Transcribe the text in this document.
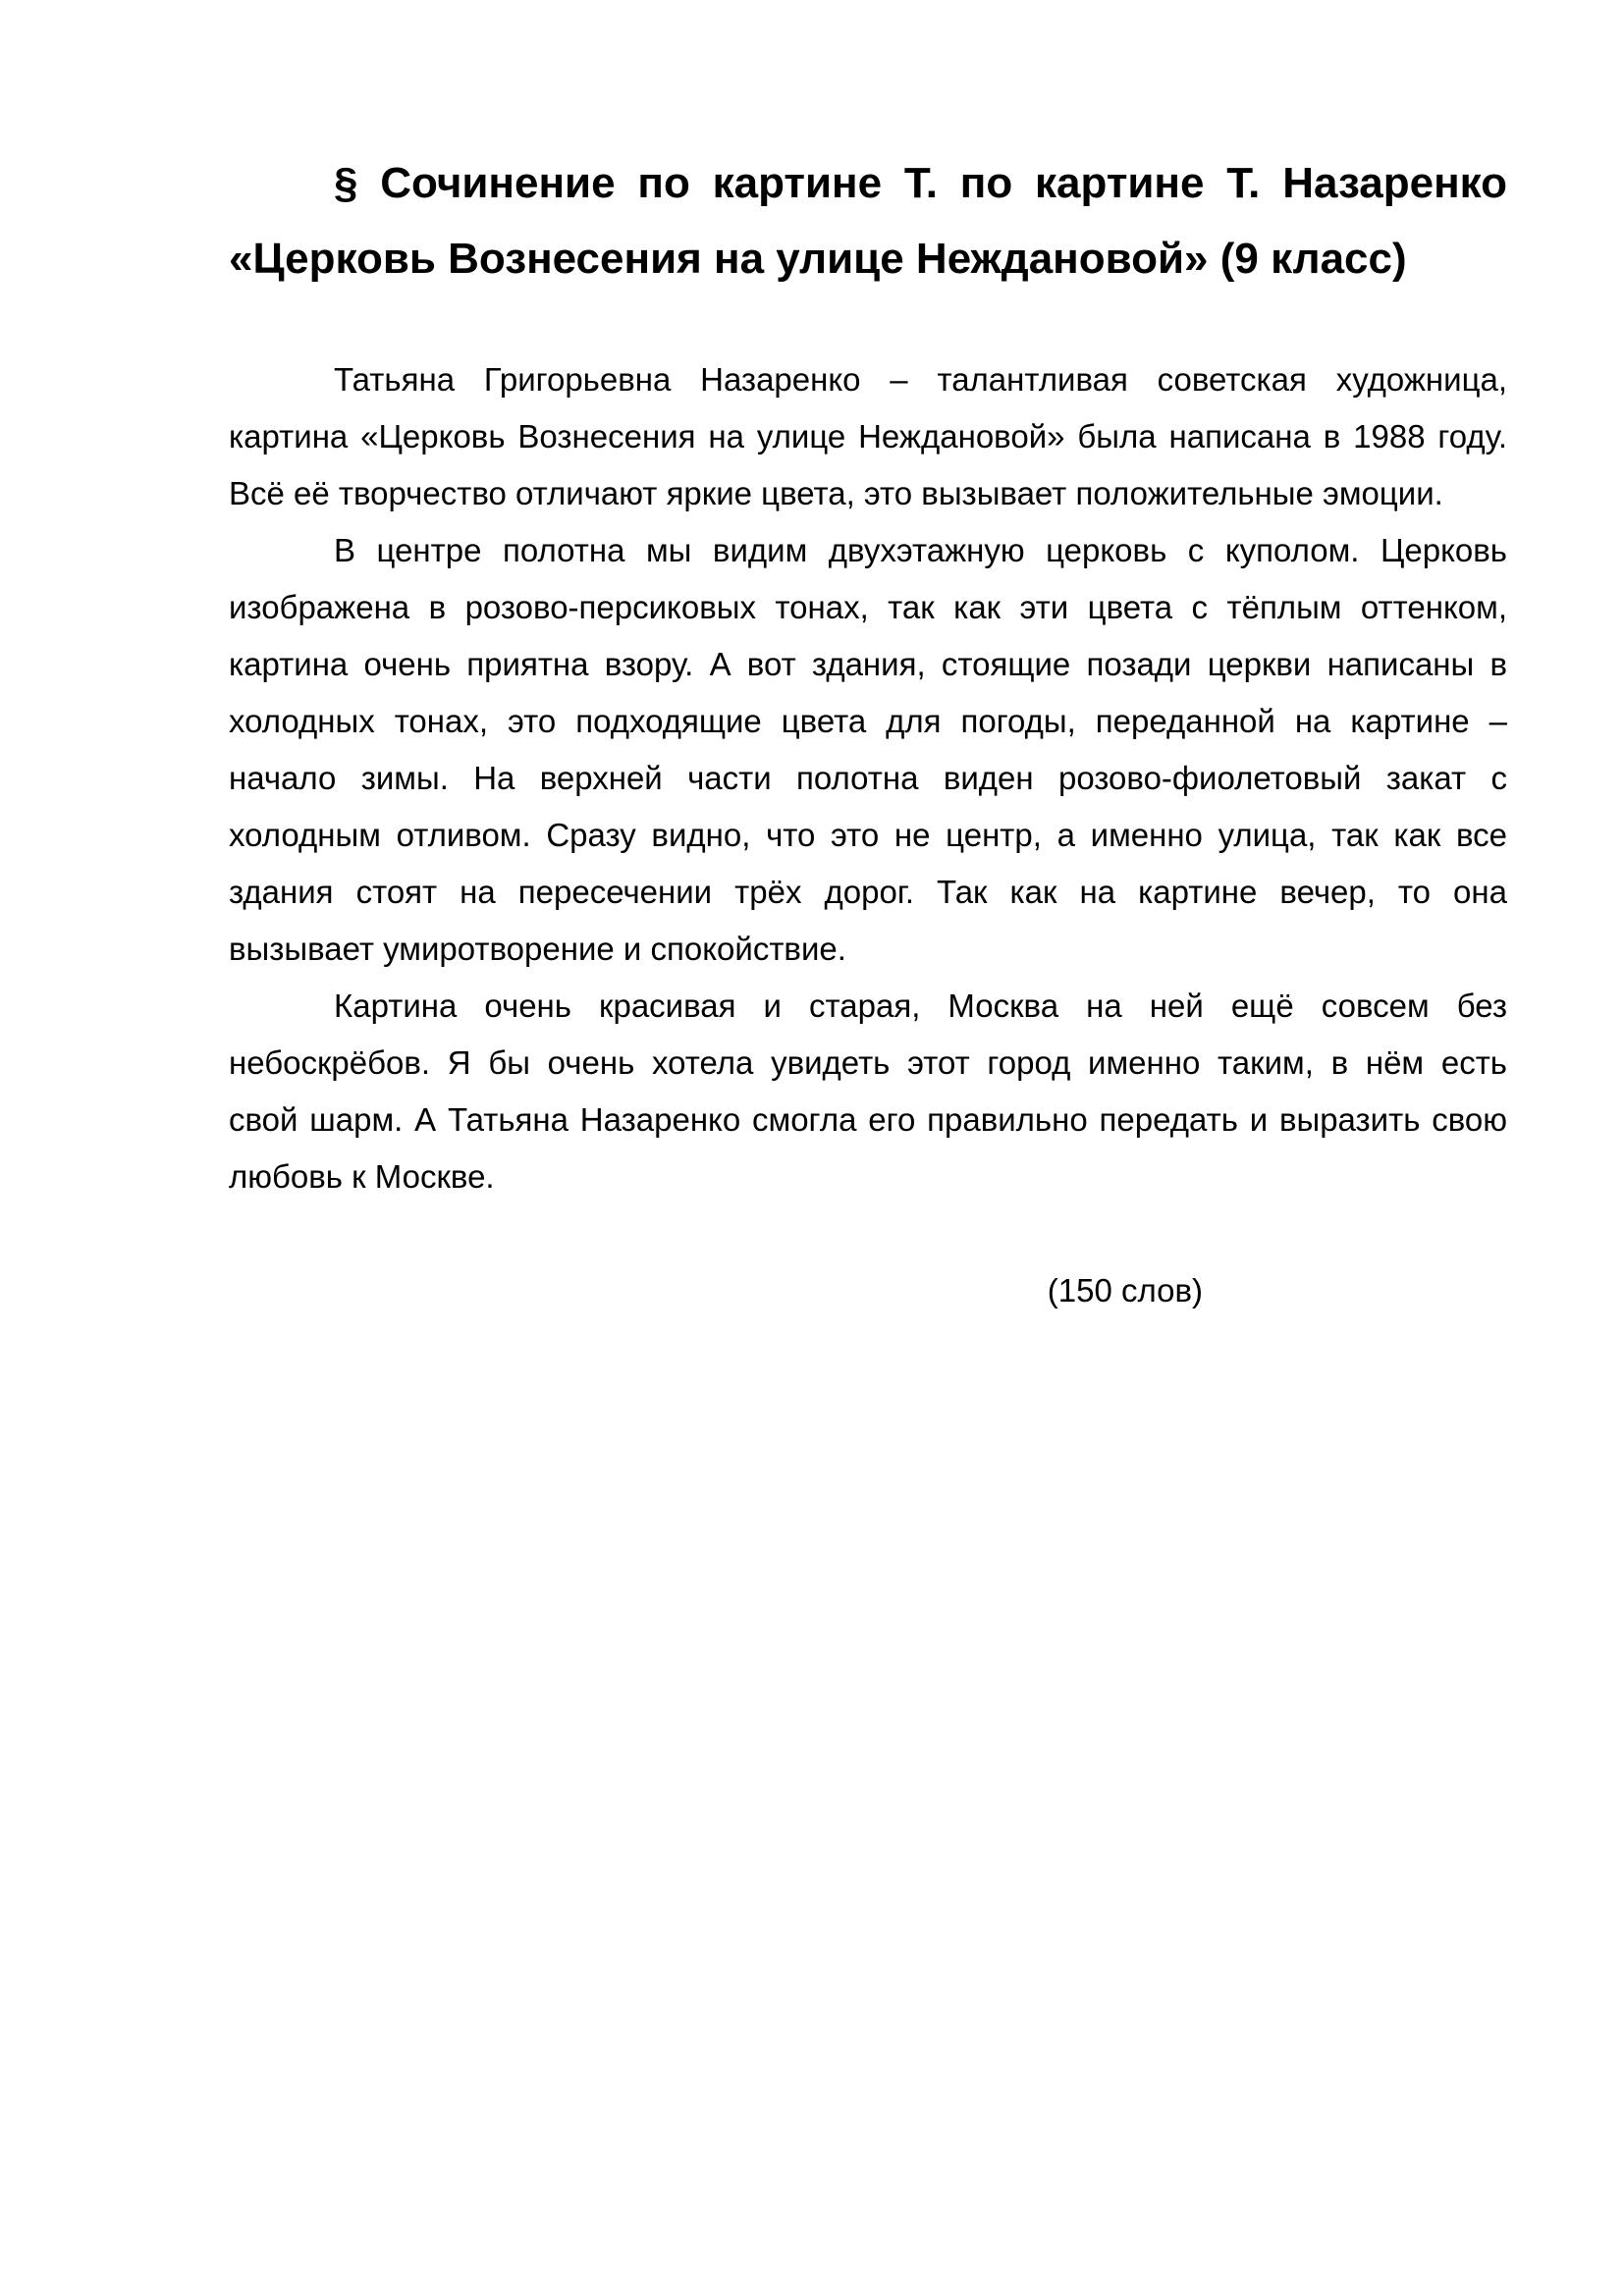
§ Сочинение по картине Т. по картине Т. Назаренко
«Церковь Вознесения на улице Неждановой» (9 класс)
Татьяна Григорьевна Назаренко – талантливая советская художница,
картина «Церковь Вознесения на улице Неждановой» была написана в 1988 году.
Всё её творчество отличают яркие цвета, это вызывает положительные эмоции.
В центре полотна мы видим двухэтажную церковь с куполом. Церковь
изображена в розово-персиковых тонах, так как эти цвета с тёплым оттенком,
картина очень приятна взору. А вот здания, стоящие позади церкви написаны в
холодных тонах, это подходящие цвета для погоды, переданной на картине –
начало зимы. На верхней части полотна виден розово-фиолетовый закат с
холодным отливом. Сразу видно, что это не центр, а именно улица, так как все
здания стоят на пересечении трёх дорог. Так как на картине вечер, то она
вызывает умиротворение и спокойствие.
Картина очень красивая и старая, Москва на ней ещё совсем без
небоскрёбов. Я бы очень хотела увидеть этот город именно таким, в нём есть
свой шарм. А Татьяна Назаренко смогла его правильно передать и выразить свою
любовь к Москве.
(150 слов)
